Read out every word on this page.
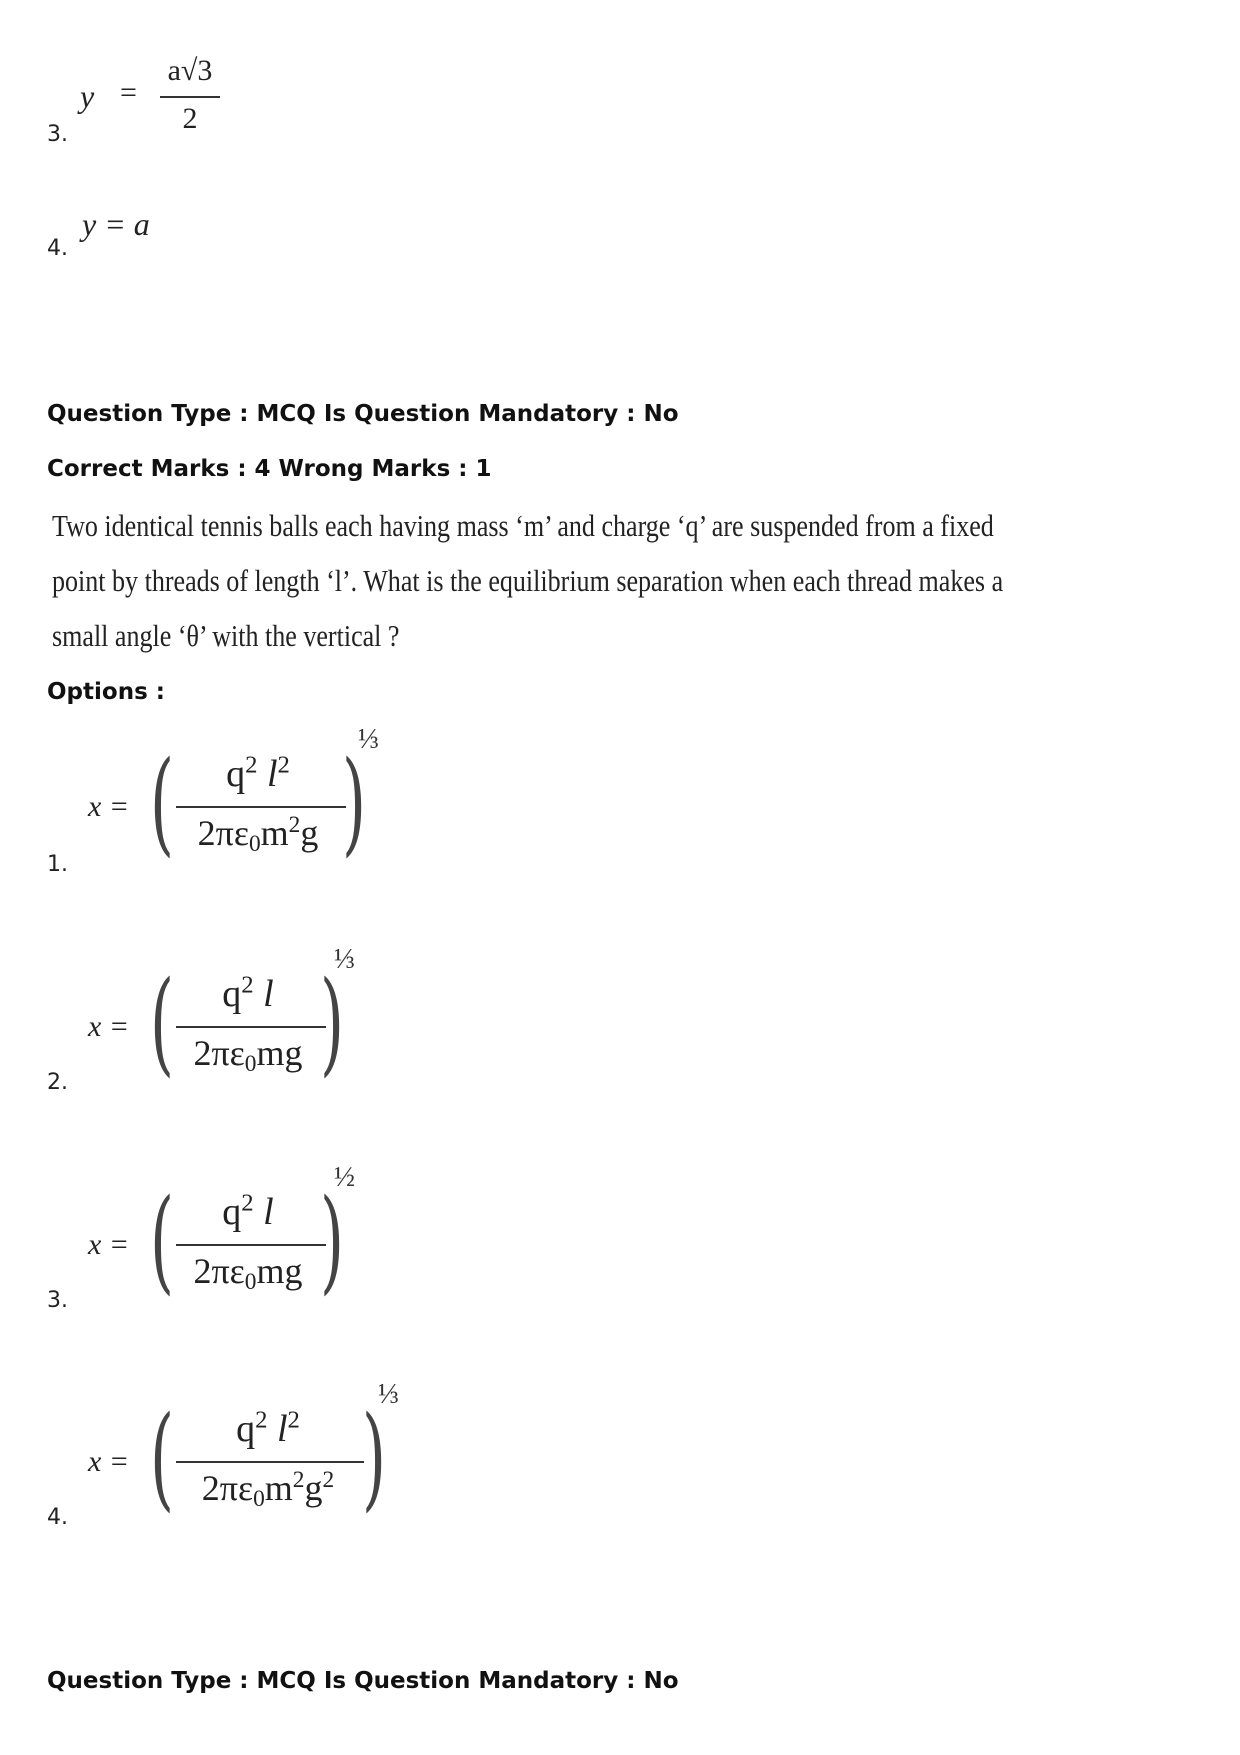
3.
y =
a√3
2
4.
y = a
Question Type : MCQ Is Question Mandatory : No
Correct Marks : 4 Wrong Marks : 1
Two identical tennis balls each having mass ‘m’ and charge ‘q’ are suspended from a fixed
point by threads of length ‘l’. What is the equilibrium separation when each thread makes a
small angle ‘θ’ with the vertical ?
Options :
1.
x = (	$q^2$ $l^2$
$2\pi\varepsilon_0m^2g$ )
⅓
2.
x = (	$q^2$ l
$2\pi\varepsilon_0mg$ )
⅓
3.
x = (	$q^2$ l
$2\pi\varepsilon_0mg$ )
½
4.
x = (	$q^2$ $l^2$
$2\pi\varepsilon_0m^2g^2$ )
⅓
Question Type : MCQ Is Question Mandatory : No
